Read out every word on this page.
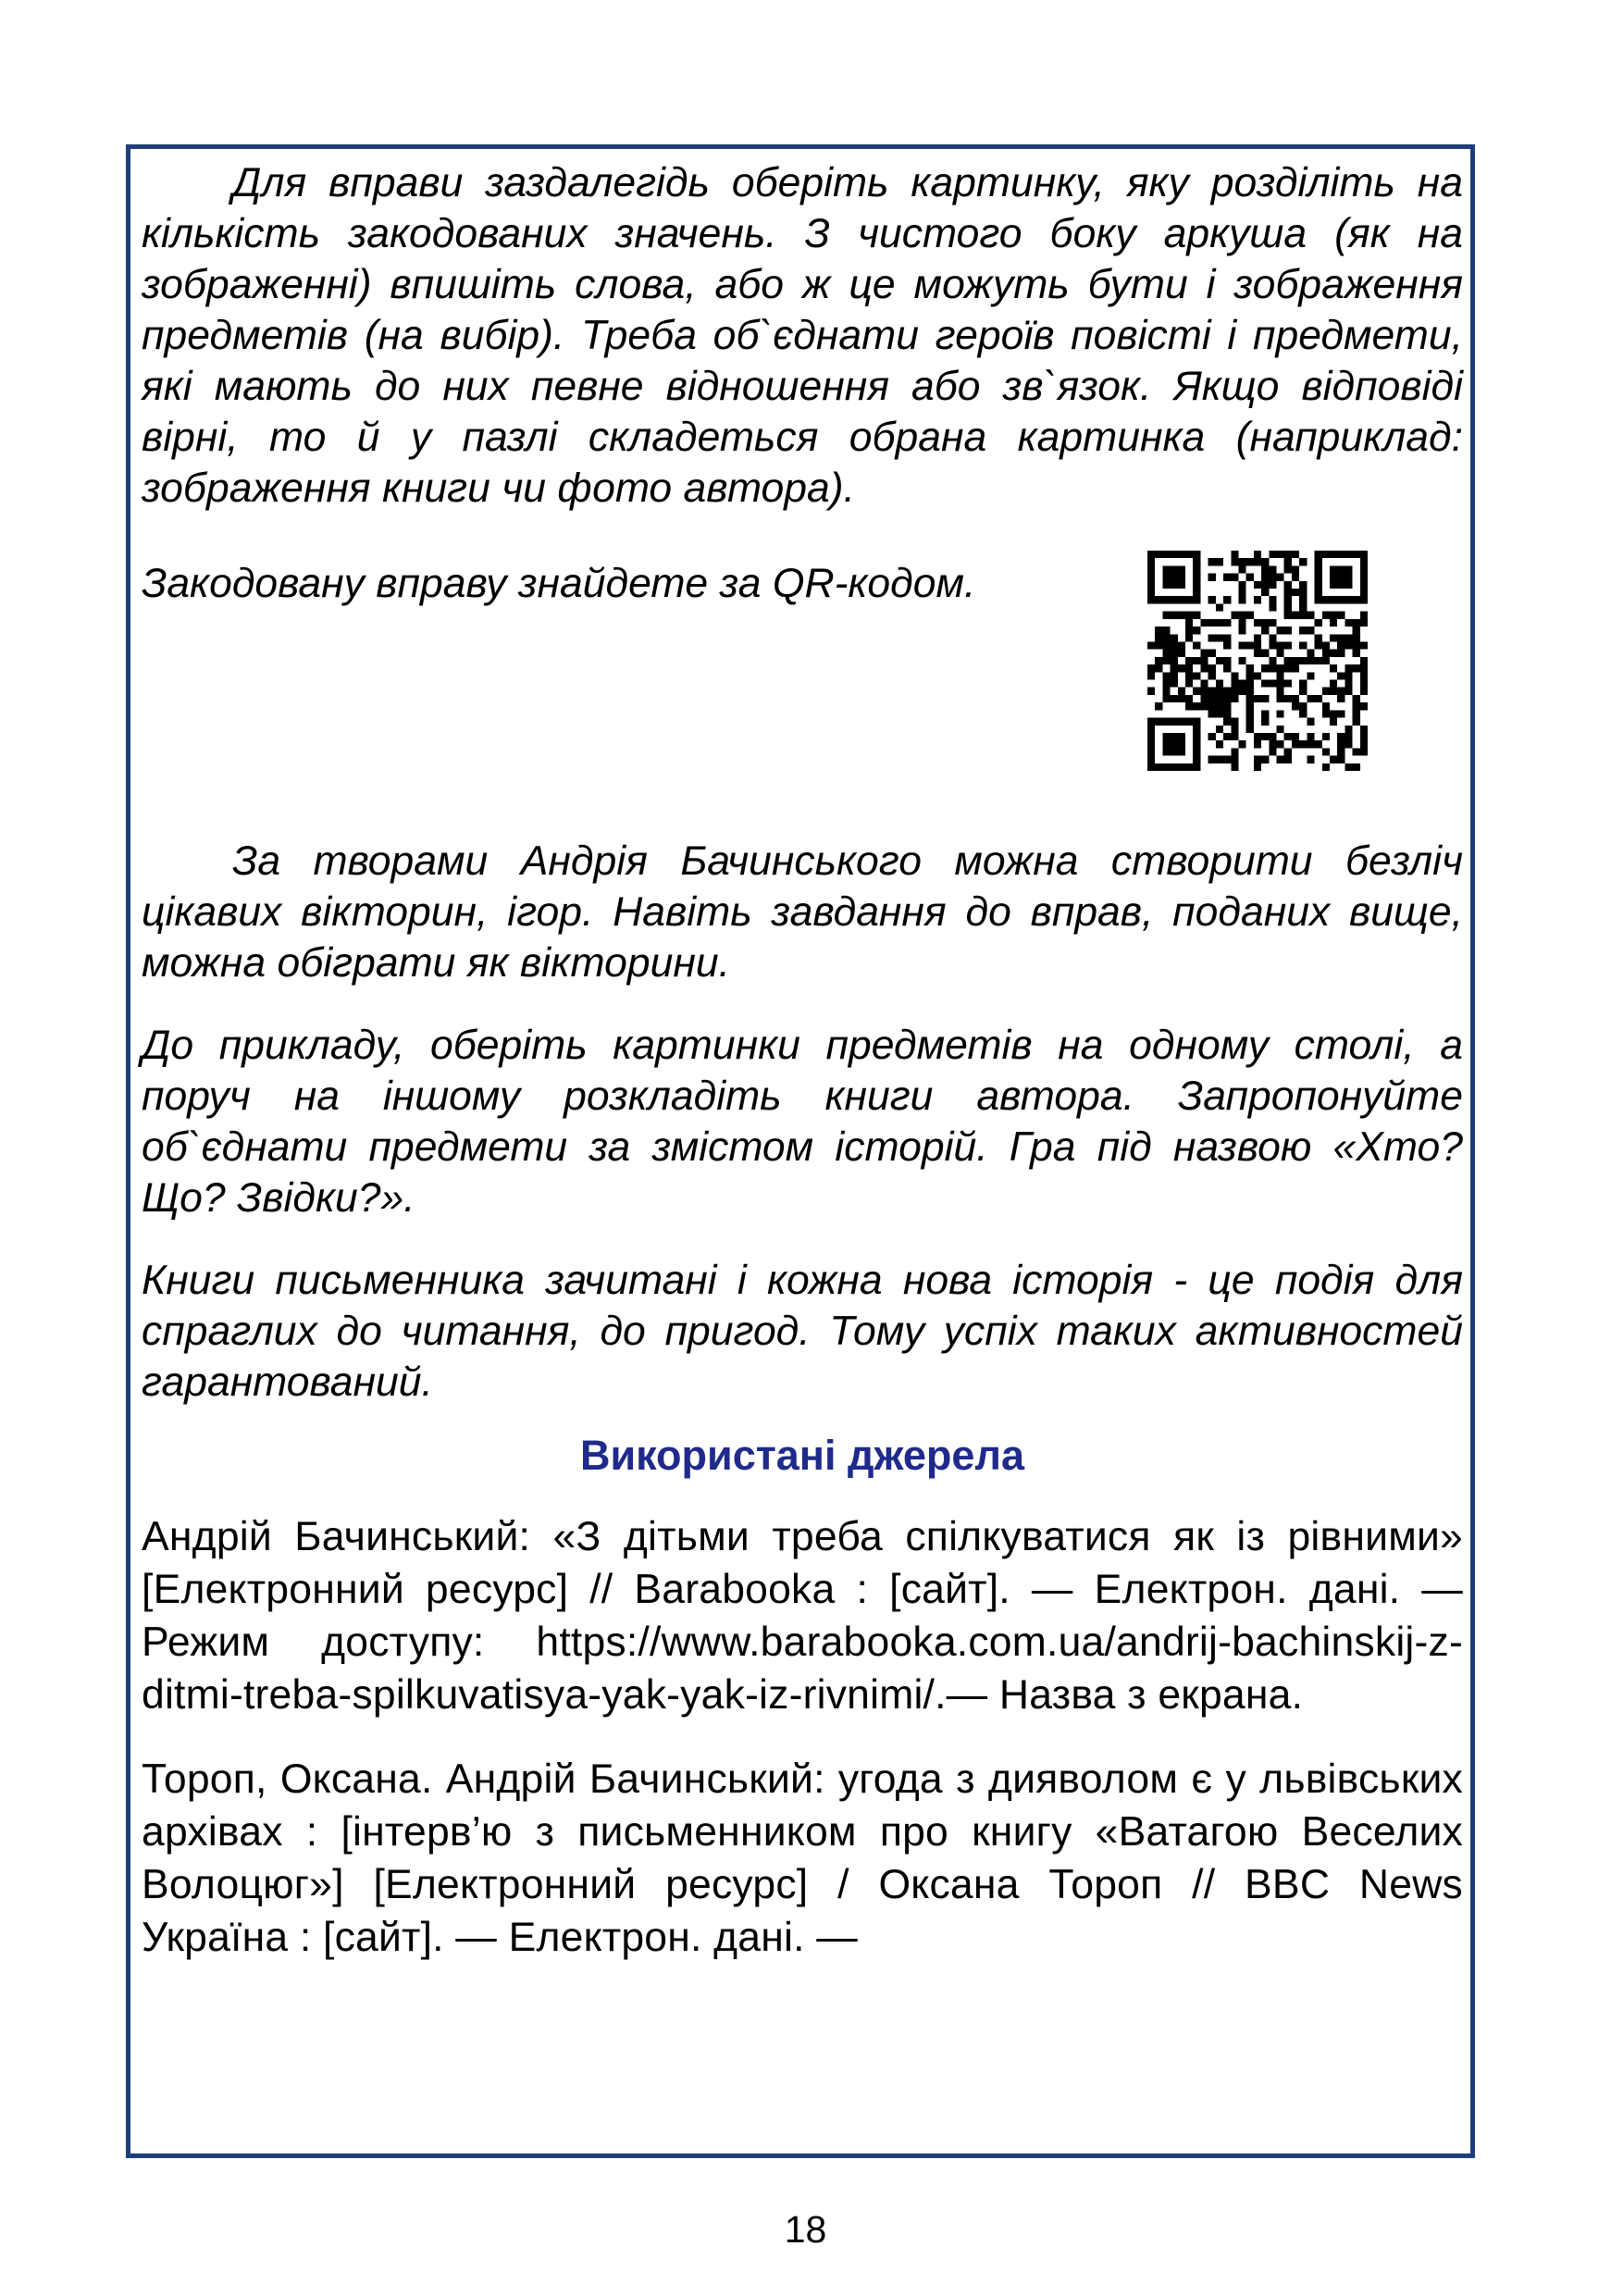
Для вправи заздалегідь оберіть картинку, яку розділіть на кількість закодованих значень. З чистого боку аркуша (як на зображенні) впишіть слова, або ж це можуть бути і зображення предметів (на вибір). Треба об`єднати героїв повісті і предмети, які мають до них певне відношення або зв`язок. Якщо відповіді вірні, то й у пазлі складеться обрана картинка (наприклад: зображення книги чи фото автора).

Закодовану вправу знайдете за QR-кодом.

За творами Андрія Бачинського можна створити безліч цікавих вікторин, ігор. Навіть завдання до вправ, поданих вище, можна обіграти як вікторини.

До прикладу, оберіть картинки предметів на одному столі, а поруч на іншому розкладіть книги автора. Запропонуйте об`єднати предмети за змістом історій. Гра під назвою «Хто? Що? Звідки?».

Книги письменника зачитані і кожна нова історія - це подія для спраглих до читання, до пригод. Тому успіх таких активностей гарантований.

Використані джерела

Андрій Бачинський: «З дітьми треба спілкуватися як із рівними» [Електронний ресурс] // Barabooka : [сайт]. — Електрон. дані. — Режим доступу: https://www.barabooka.com.ua/andrij-bachinskij-z-ditmi-treba-spilkuvatisya-yak-yak-iz-rivnimi/.— Назва з екрана.

Тороп, Оксана. Андрій Бачинський: угода з дияволом є у львівських архівах : [інтерв’ю з письменником про книгу «Ватагою Веселих Волоцюг»] [Електронний ресурс] / Оксана Тороп // BBC News Україна : [сайт]. — Електрон. дані. —

18
